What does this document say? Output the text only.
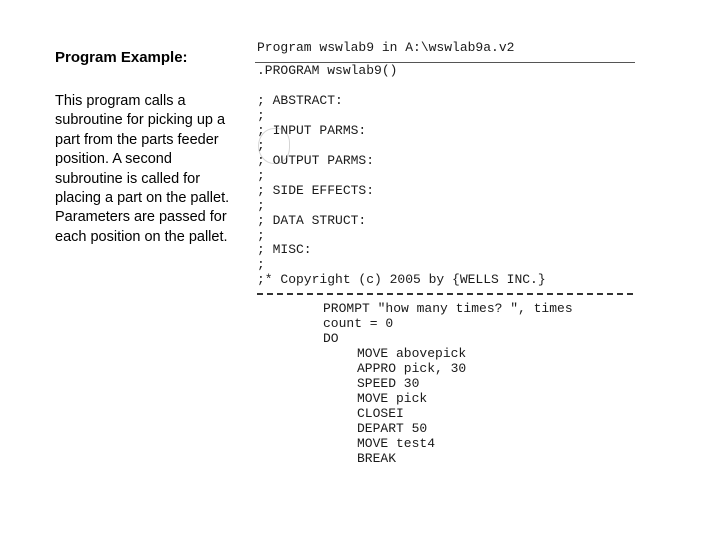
Program Example:
This program calls a subroutine for picking up a part from the parts feeder position. A second subroutine is called for placing a part on the pallet. Parameters are passed for each position on the pallet.
Program wswlab9 in A:\wswlab9a.v2
.PROGRAM wswlab9()
; ABSTRACT:
;
; INPUT PARMS:
;
; OUTPUT PARMS:
;
; SIDE EFFECTS:
;
; DATA STRUCT:
;
; MISC:
;
;* Copyright (c) 2005 by {WELLS INC.}
PROMPT "how many times? ", times
count = 0
DO
MOVE abovepick
APPRO pick, 30
SPEED 30
MOVE pick
CLOSEI
DEPART 50
MOVE test4
BREAK
